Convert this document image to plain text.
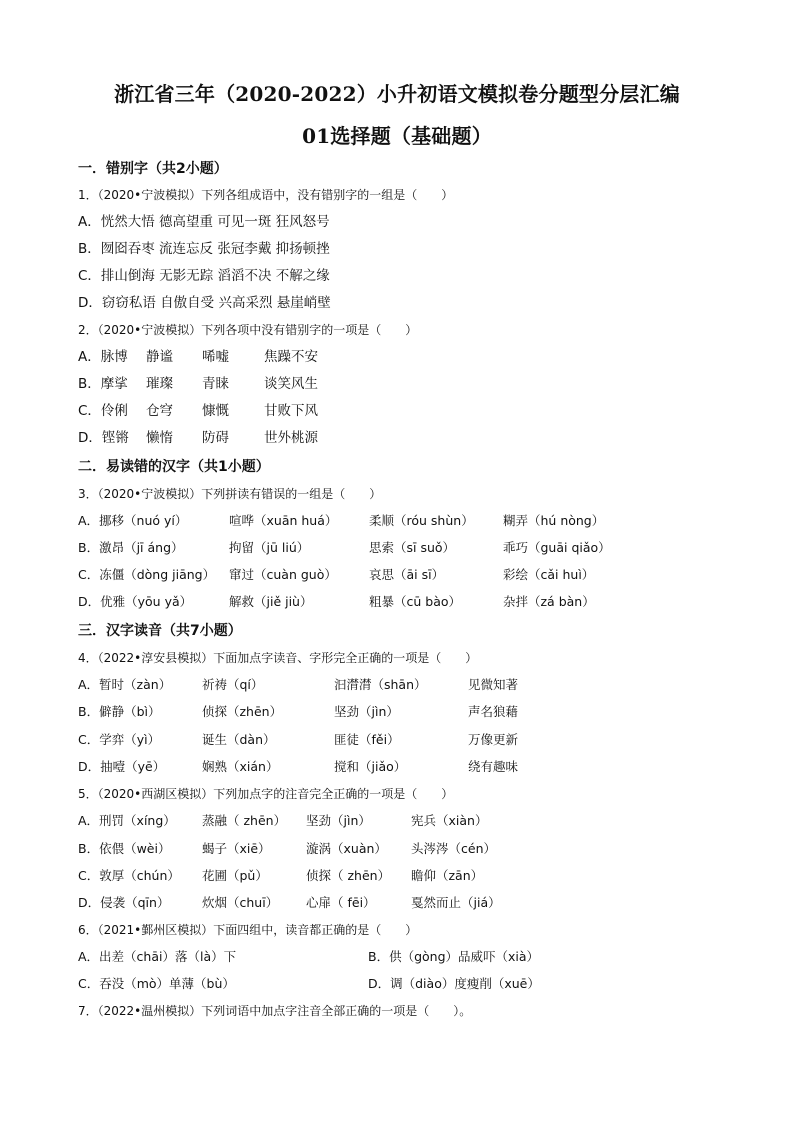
浙江省三年（2020-2022）小升初语文模拟卷分题型分层汇编
01选择题（基础题）
一．错别字（共2小题）
1．（2020•宁波模拟）下列各组成语中，没有错别字的一组是（　　）
A．恍然大悟 德高望重 可见一斑 狂风怒号
B．囫囵吞枣 流连忘反 张冠李戴 抑扬顿挫
C．排山倒海 无影无踪 滔滔不决 不解之缘
D．窃窃私语 自傲自受 兴高采烈 悬崖峭壁
2．（2020•宁波模拟）下列各项中没有错别字的一项是（　　）
A．脉博 静谧 唏嘘	焦躁不安
B．摩挲 璀璨 青睐	谈笑风生
C．伶俐 仓穹 慷慨	甘败下风
D．铿锵 懒惰 防碍	世外桃源
二．易读错的汉字（共1小题）
3．（2020•宁波模拟）下列拼读有错误的一组是（　　）
A．挪移（nuó yí）	喧哗（xuān huá）	柔顺（róu shùn） 糊弄（hú nòng）
B．激昂（jī áng）	拘留（jū liú）	思索（sī suǒ）	乖巧（guāi qiǎo）
C．冻僵（dòng jiāng） 窜过（cuàn guò）	哀思（āi sī）	彩绘（cǎi huì）
D．优雅（yōu yǎ）	解救（jiě jiù）	粗暴（cū bào）	杂拌（zá bàn）
三．汉字读音（共7小题）
4．（2022•淳安县模拟）下面加点字读音、字形完全正确的一项是（　　）
A．暂时（zàn） 祈祷（qí）	汩潸潸（shān）	见微知著
B．僻静（bì）	侦探（zhēn）	坚劲（jìn）	声名狼藉
C．学弈（yì）	诞生（dàn）	匪徒（fěi）	万像更新
D．抽噎（yē）	娴熟（xián）	搅和（jiǎo）	绕有趣味
5．（2020•西湖区模拟）下列加点字的注音完全正确的一项是（　　）
A．刑罚（xíng） 蒸融（ zhēn） 坚劲（jìn）	宪兵（xiàn）
B．依偎（wèi）	蝎子（xiē）	漩涡（xuàn） 头涔涔（cén）
C．敦厚（chún） 花圃（pǔ）	侦探（ zhēn） 瞻仰（zān）
D．侵袭（qīn）	炊烟（chuī） 心扉（ fēi）	戛然而止（jiá）
6．（2021•鄞州区模拟）下面四组中，读音都正确的是（　　）
A．出差（chāi）落（là）下	B．供（gòng）品威吓（xià）
C．吞没（mò）单薄（bù）	D．调（diào）度瘦削（xuē）
7．（2022•温州模拟）下列词语中加点字注音全部正确的一项是（　　）。
